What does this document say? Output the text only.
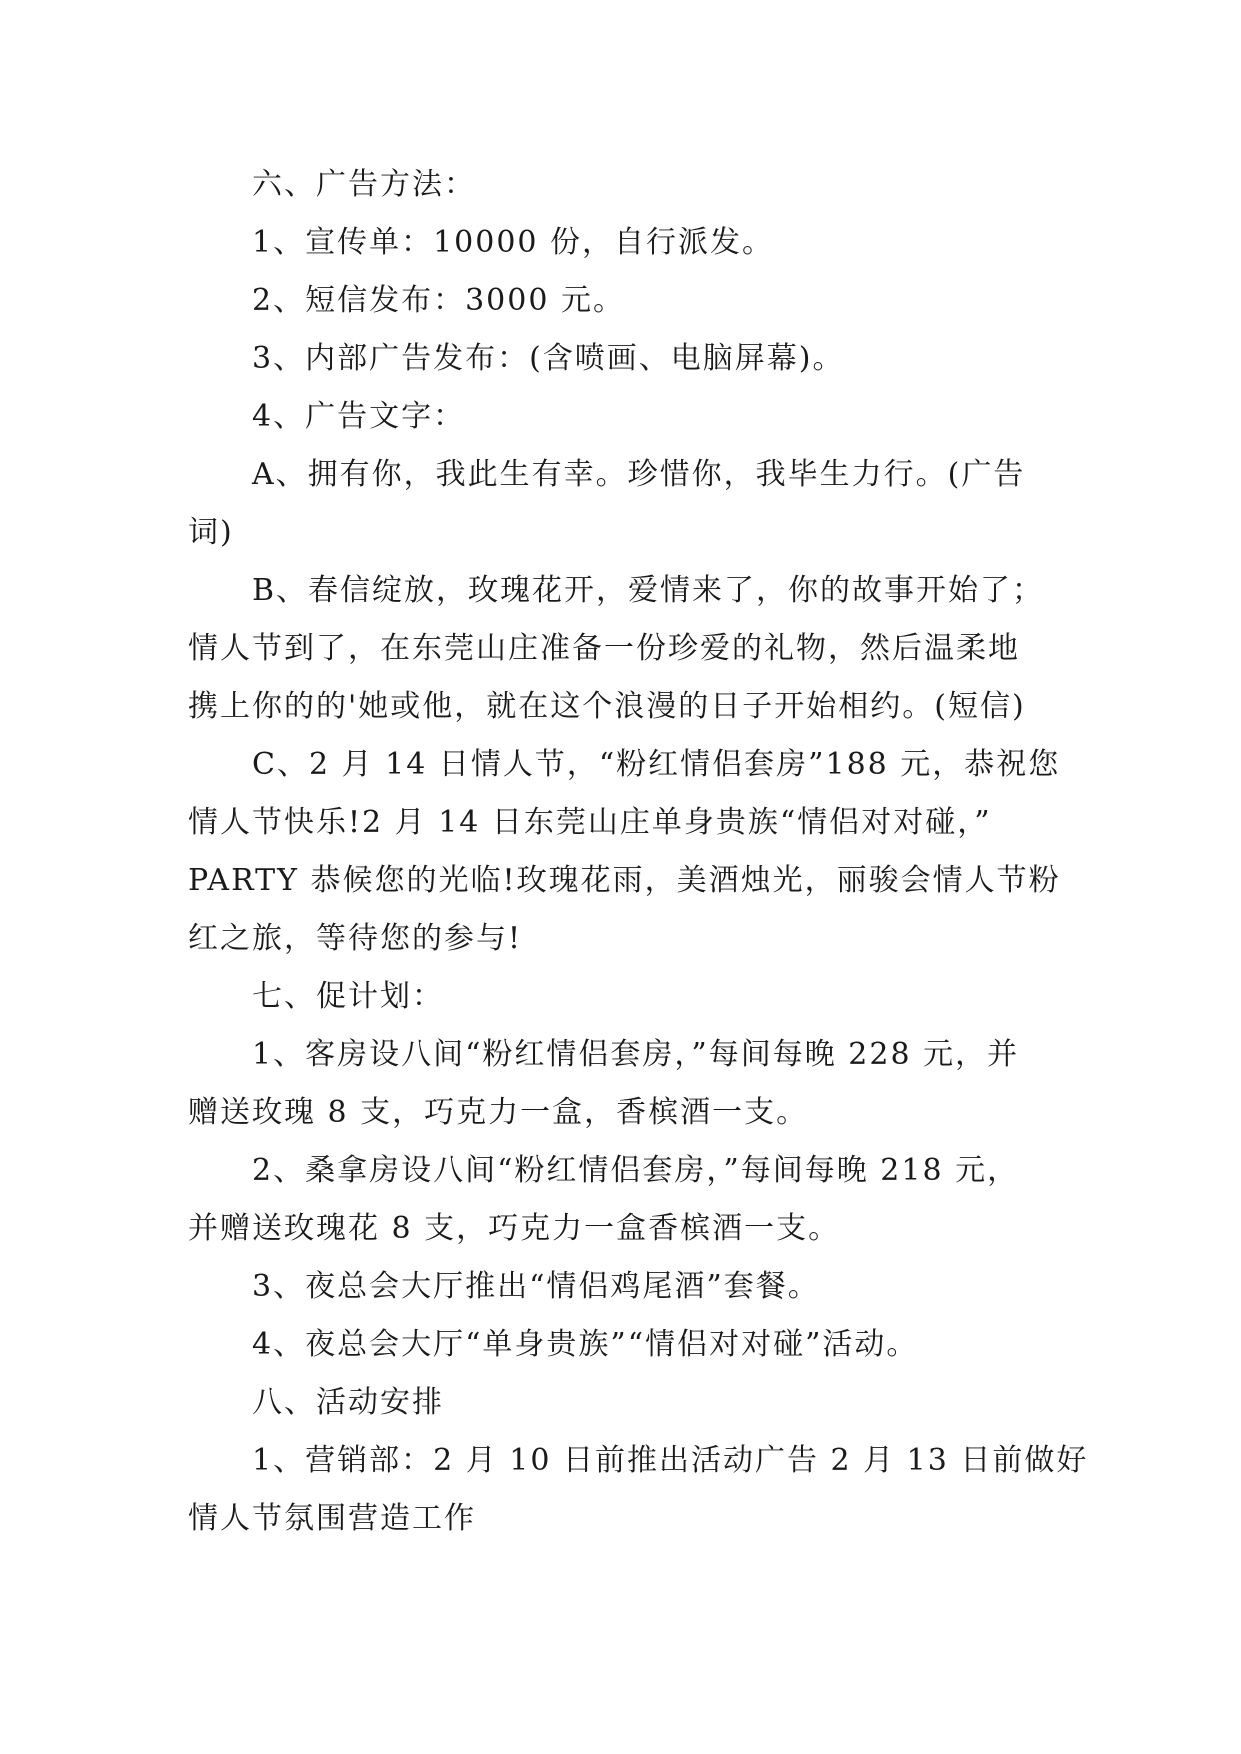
六、广告方法：

1、宣传单：10000 份，自行派发。

2、短信发布：3000 元。

3、内部广告发布：(含喷画、电脑屏幕)。

4、广告文字：

A、拥有你，我此生有幸。珍惜你，我毕生力行。(广告
词)

B、春信绽放，玫瑰花开，爱情来了，你的故事开始了；
情人节到了，在东莞山庄准备一份珍爱的礼物，然后温柔地
携上你的的'她或他，就在这个浪漫的日子开始相约。(短信)

C、2 月 14 日情人节，“粉红情侣套房”188 元，恭祝您
情人节快乐!2 月 14 日东莞山庄单身贵族“情侣对对碰，”
PARTY 恭候您的光临!玫瑰花雨，美酒烛光，丽骏会情人节粉
红之旅，等待您的参与!

七、促计划：

1、客房设八间“粉红情侣套房，”每间每晚 228 元，并
赠送玫瑰 8 支，巧克力一盒，香槟酒一支。

2、桑拿房设八间“粉红情侣套房，”每间每晚 218 元，
并赠送玫瑰花 8 支，巧克力一盒香槟酒一支。

3、夜总会大厅推出“情侣鸡尾酒”套餐。

4、夜总会大厅“单身贵族”“情侣对对碰”活动。

八、活动安排

1、营销部：2 月 10 日前推出活动广告 2 月 13 日前做好
情人节氛围营造工作
